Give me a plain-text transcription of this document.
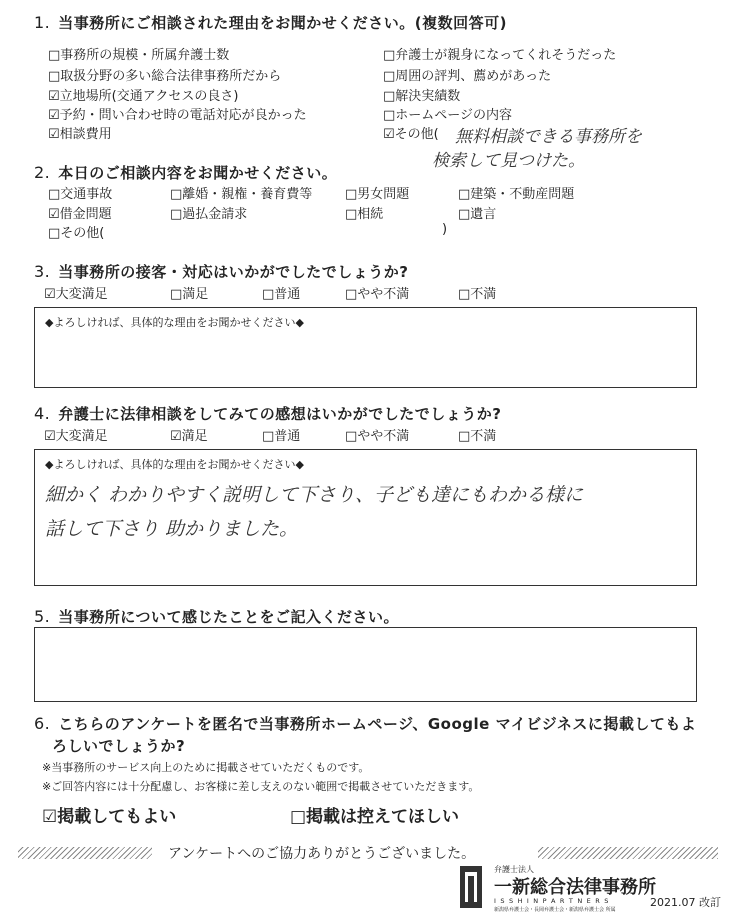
1. 当事務所にご相談された理由をお聞かせください。(複数回答可)
□事務所の規模・所属弁護士数
□取扱分野の多い総合法律事務所だから
☑立地場所(交通アクセスの良さ)
☑予約・問い合わせ時の電話対応が良かった
☑相談費用
□弁護士が親身になってくれそうだった
□周囲の評判、薦めがあった
□解決実績数
□ホームページの内容
☑その他( 無料相談できる事務所を
検索して見つけた。
2. 本日のご相談内容をお聞かせください。
□交通事故	□離婚・親権・養育費等	□男女問題	□建築・不動産問題
☑借金問題	□過払金請求	□相続	□遺言
□その他(	)
3. 当事務所の接客・対応はいかがでしたでしょうか?
☑大変満足	□満足	□普通	□やや不満	□不満
◆よろしければ、具体的な理由をお聞かせください◆
4. 弁護士に法律相談をしてみての感想はいかがでしたでしょうか?
☑大変満足	☑満足	□普通	□やや不満	□不満
◆よろしければ、具体的な理由をお聞かせください◆
細かく わかりやすく説明して下さり、子ども達にもわかる様に
話して下さり 助かりました。
5. 当事務所について感じたことをご記入ください。
6. こちらのアンケートを匿名で当事務所ホームページ、Google マイビジネスに掲載してもよ
ろしいでしょうか?
※当事務所のサービス向上のために掲載させていただくものです。
※ご回答内容には十分配慮し、お客様に差し支えのない範囲で掲載させていただきます。
☑掲載してもよい	□掲載は控えてほしい
アンケートへのご協力ありがとうございました。
弁護士法人
一新総合法律事務所
I S S H I N P A R T N E R S
新潟県弁護士会・長岡弁護士会・新潟県弁護士会 所属
2021.07 改訂
